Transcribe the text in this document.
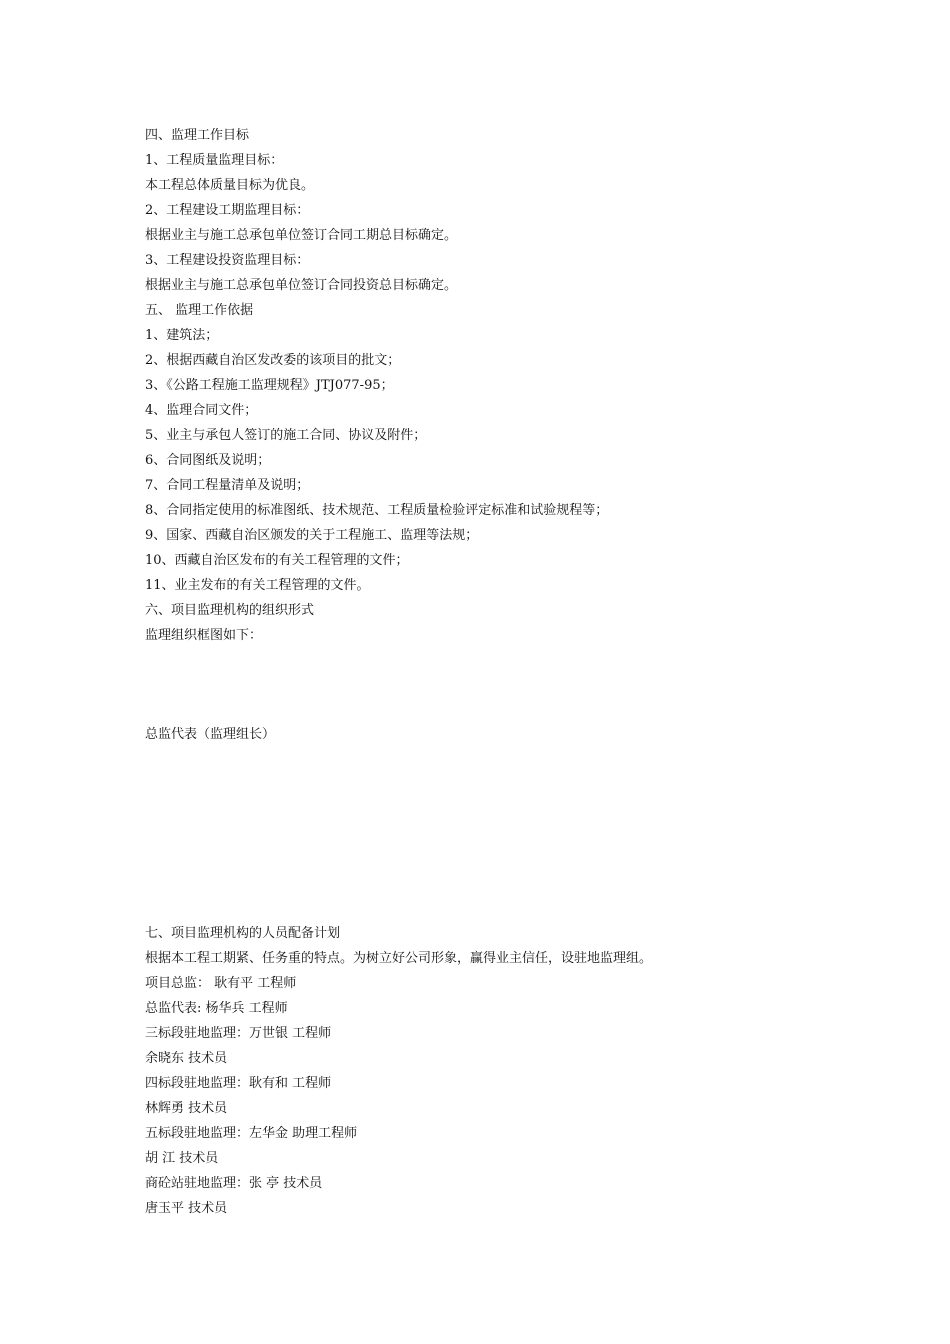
四、监理工作目标
1、工程质量监理目标：
本工程总体质量目标为优良。
2、工程建设工期监理目标：
根据业主与施工总承包单位签订合同工期总目标确定。
3、工程建设投资监理目标：
根据业主与施工总承包单位签订合同投资总目标确定。
五、 监理工作依据
1、建筑法；
2、根据西藏自治区发改委的该项目的批文；
3、《公路工程施工监理规程》JTJ077-95；
4、监理合同文件；
5、业主与承包人签订的施工合同、协议及附件；
6、合同图纸及说明；
7、合同工程量清单及说明；
8、合同指定使用的标准图纸、技术规范、工程质量检验评定标准和试验规程等；
9、国家、西藏自治区颁发的关于工程施工、监理等法规；
10、西藏自治区发布的有关工程管理的文件；
11、业主发布的有关工程管理的文件。
六、项目监理机构的组织形式
监理组织框图如下：
总监代表（监理组长）
七、项目监理机构的人员配备计划
根据本工程工期紧、任务重的特点。为树立好公司形象，赢得业主信任，设驻地监理组。
项目总监： 耿有平 工程师
总监代表: 杨华兵 工程师
三标段驻地监理：万世银 工程师
余晓东 技术员
四标段驻地监理：耿有和 工程师
林辉勇 技术员
五标段驻地监理：左华金 助理工程师
胡 江 技术员
商砼站驻地监理：张 亭 技术员
唐玉平 技术员
